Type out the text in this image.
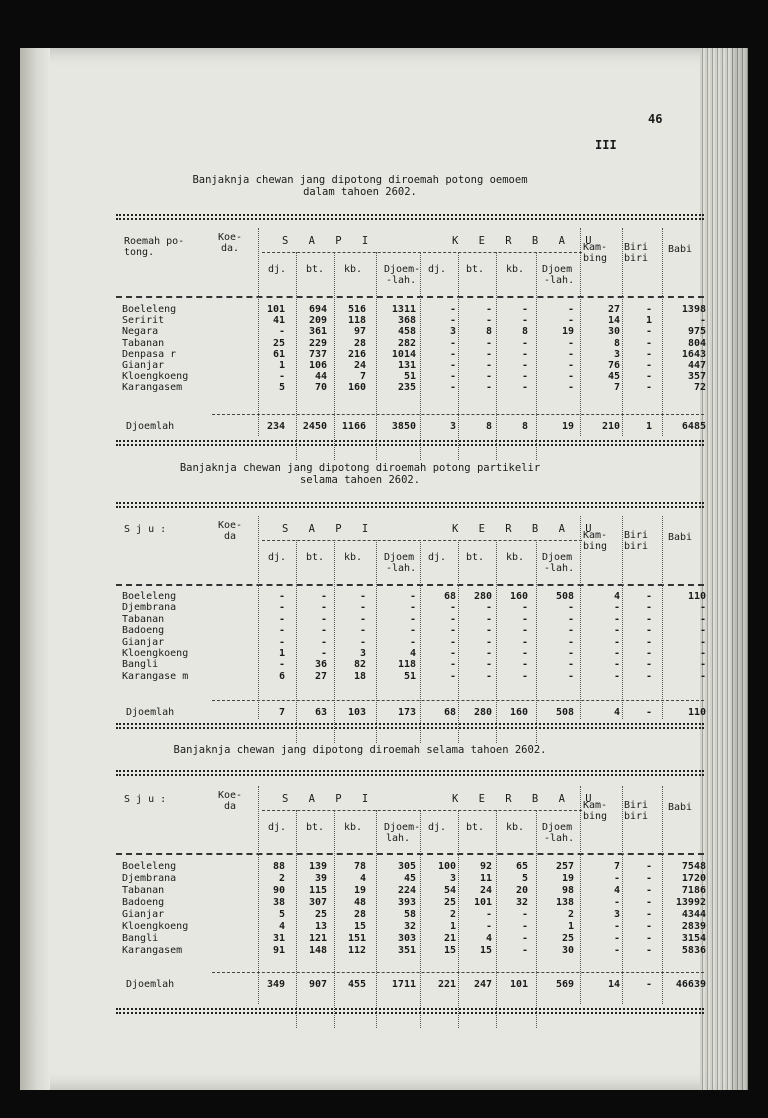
46
III
Banjaknja chewan jang dipotong diroemah potong oemoem
dalam tahoen 2602.
Roemah po-
tong.
Koe-
da.
S A P I	K E R B A U
Kam-
bing
Biri
biri
Babi
dj. bt. kb. Djoem- dj. bt. kb. Djoem
-lah.	-lah.
Boeleleng	101	694	516	1311	-	-	-	-	27	-	1398
Seririt	41	209	118	368	-	-	-	-	14	1	-
Negara	-	361	97	458	3	8	8	19	30	-	975
Tabanan	25	229	28	282	-	-	-	-	8	-	804
Denpasa r	61	737	216	1014	-	-	-	-	3	-	1643
Gianjar	1	106	24	131	-	-	-	-	76	-	447
Kloengkoeng	-	44	7	51	-	-	-	-	45	-	357
Karangasem	5	70	160	235	-	-	-	-	7	-	72
Djoemlah	234	2450	1166	3850	3	8	8	19	210	1	6485
Banjaknja chewan jang dipotong diroemah potong partikelir
selama tahoen 2602.
S j u :	Koe-
da
S A P I	K E R B A U
Kam-
bing
Biri
biri
Babi
dj. bt. kb. Djoem dj. bt. kb. Djoem
-lah.	-lah.
Boeleleng	-	-	-	-	68	280	160	508	4	-	110
Djembrana	-	-	-	-	-	-	-	-	-	-	-
Tabanan	-	-	-	-	-	-	-	-	-	-	-
Badoeng	-	-	-	-	-	-	-	-	-	-	-
Gianjar	-	-	-	-	-	-	-	-	-	-	-
Kloengkoeng	1	-	3	4	-	-	-	-	-	-	-
Bangli	-	36	82	118	-	-	-	-	-	-	-
Karangase m	6	27	18	51	-	-	-	-	-	-	-
Djoemlah	7	63	103	173	68	280	160	508	4	-	110
Banjaknja chewan jang dipotong diroemah selama tahoen 2602.
S j u :	Koe-
da
S A P I	K E R B A U
Kam-
bing
Biri
biri
Babi
dj. bt. kb. Djoem- dj. bt. kb. Djoem
lah.	-lah.
Boeleleng	88	139	78	305	100	92	65	257	7	-	7548
Djembrana	2	39	4	45	3	11	5	19	-	-	1720
Tabanan	90	115	19	224	54	24	20	98	4	-	7186
Badoeng	38	307	48	393	25	101	32	138	-	-	13992
Gianjar	5	25	28	58	2	-	-	2	3	-	4344
Kloengkoeng	4	13	15	32	1	-	-	1	-	-	2839
Bangli	31	121	151	303	21	4	-	25	-	-	3154
Karangasem	91	148	112	351	15	15	-	30	-	-	5836
Djoemlah	349	907	455	1711	221	247	101	569	14	-	46639
